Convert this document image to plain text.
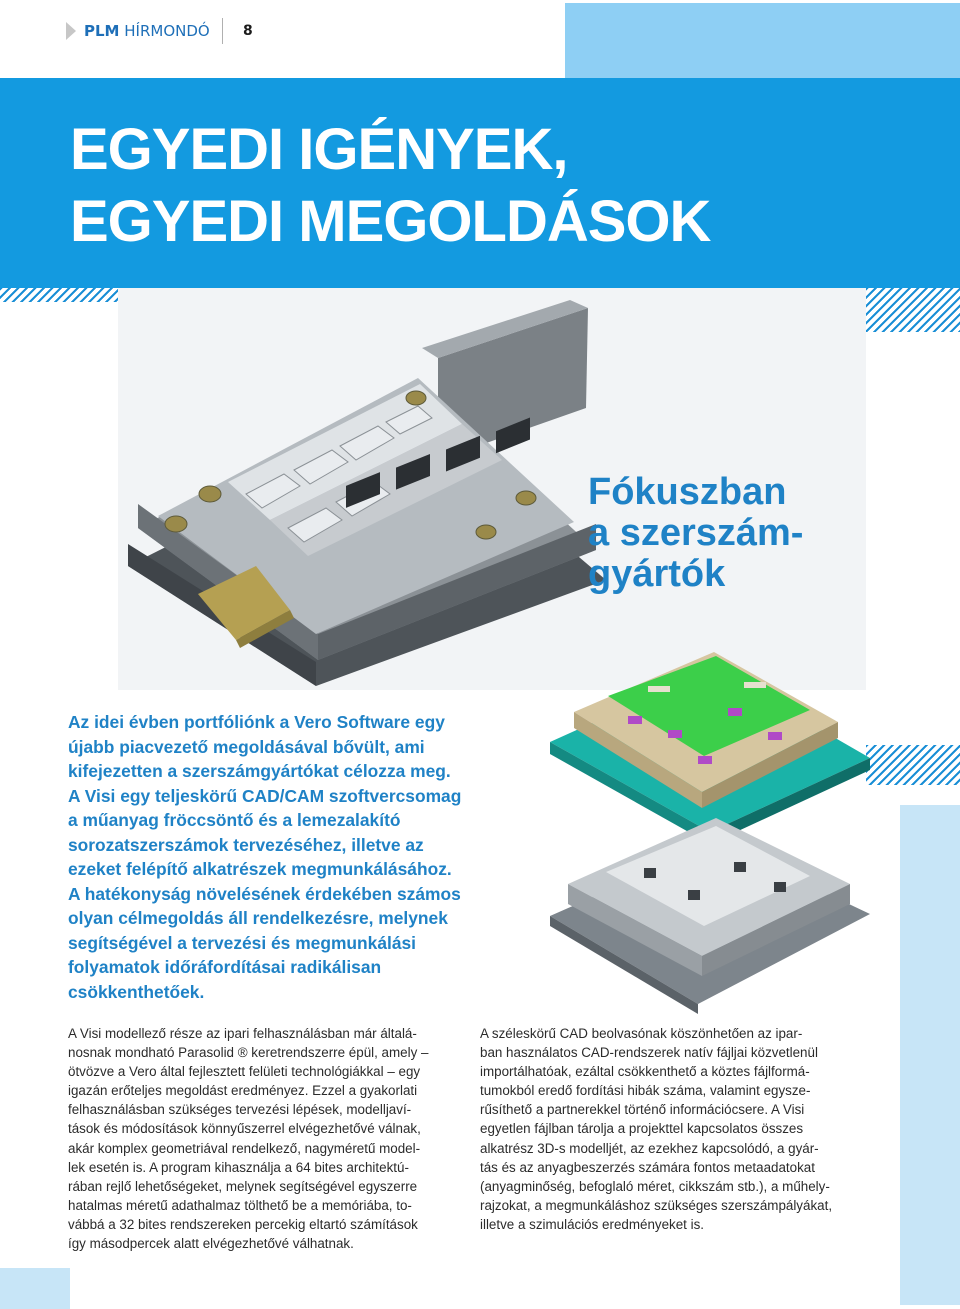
PLM HÍRMONDÓ 8
EGYEDI IGÉNYEK,
EGYEDI MEGOLDÁSOK
Fókuszban
a szerszám-
gyártók
Az idei évben portfóliónk a Vero Software egy
újabb piacvezető megoldásával bővült, ami
kifejezetten a szerszámgyártókat célozza meg.
A Visi egy teljeskörű CAD/CAM szoftvercsomag
a műanyag fröccsöntő és a lemezalakító
sorozatszerszámok tervezéséhez, illetve az
ezeket felépítő alkatrészek megmunkálásához.
A hatékonyság növelésének érdekében számos
olyan célmegoldás áll rendelkezésre, melynek
segítségével a tervezési és megmunkálási
folyamatok időráfordításai radikálisan
csökkenthetőek.
A Visi modellező része az ipari felhasználásban már általá-
nosnak mondható Parasolid ® keretrendszerre épül, amely –
ötvözve a Vero által fejlesztett felületi technológiákkal – egy
igazán erőteljes megoldást eredményez. Ezzel a gyakorlati
felhasználásban szükséges tervezési lépések, modelljaví-
tások és módosítások könnyűszerrel elvégezhetővé válnak,
akár komplex geometriával rendelkező, nagyméretű model-
lek esetén is. A program kihasználja a 64 bites architektú-
rában rejlő lehetőségeket, melynek segítségével egyszerre
hatalmas méretű adathalmaz tölthető be a memóriába, to-
vábbá a 32 bites rendszereken percekig eltartó számítások
így másodpercek alatt elvégezhetővé válhatnak.
A széleskörű CAD beolvasónak köszönhetően az ipar-
ban használatos CAD-rendszerek natív fájljai közvetlenül
importálhatóak, ezáltal csökkenthető a köztes fájlformá-
tumokból eredő fordítási hibák száma, valamint egysze-
rűsíthető a partnerekkel történő információcsere. A Visi
egyetlen fájlban tárolja a projekttel kapcsolatos összes
alkatrész 3D-s modelljét, az ezekhez kapcsolódó, a gyár-
tás és az anyagbeszerzés számára fontos metaadatokat
(anyagminőség, befoglaló méret, cikkszám stb.), a műhely-
rajzokat, a megmunkáláshoz szükséges szerszámpályákat,
illetve a szimulációs eredményeket is.
